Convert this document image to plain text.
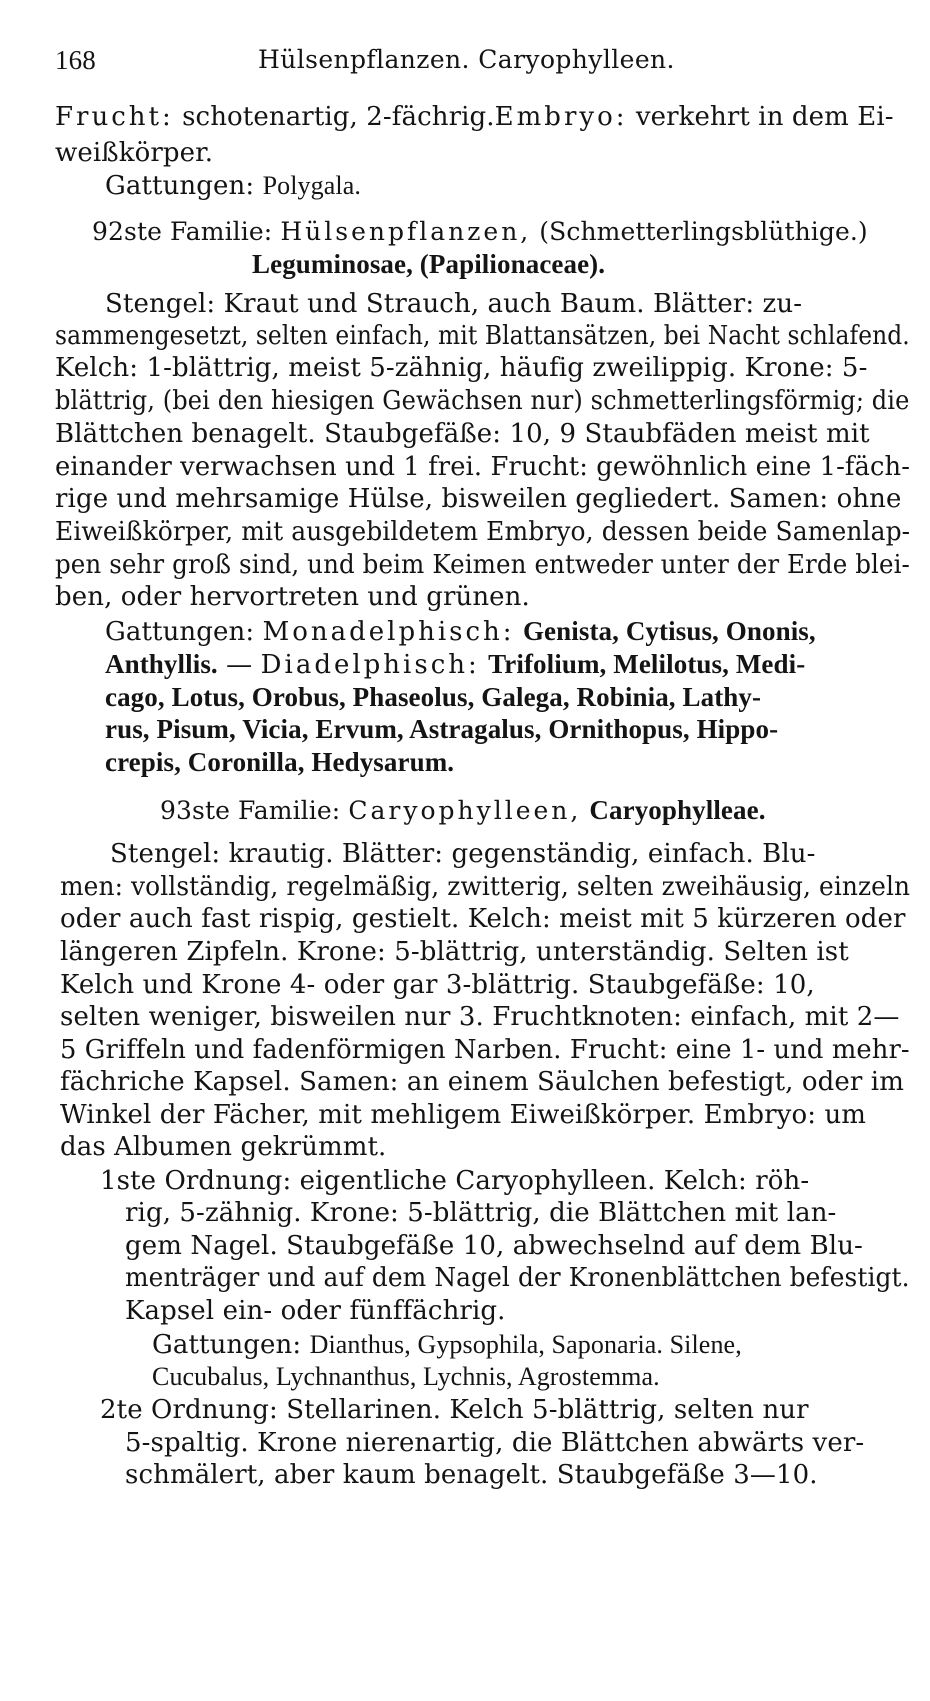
168	Hülsenpflanzen. Caryophylleen.
Frucht: schotenartig, 2-fächrig. Embryo: verkehrt in dem Ei-
weißkörper.
Gattungen: Polygala.
92ste Familie: Hülsenpflanzen, (Schmetterlingsblüthige.)
Leguminosae, (Papilionaceae).
Stengel: Kraut und Strauch, auch Baum. Blätter: zu-
sammengesetzt, selten einfach, mit Blattansätzen, bei Nacht schlafend.
Kelch: 1-blättrig, meist 5-zähnig, häufig zweilippig. Krone: 5-
blättrig, (bei den hiesigen Gewächsen nur) schmetterlingsförmig; die
Blättchen benagelt. Staubgefäße: 10, 9 Staubfäden meist mit
einander verwachsen und 1 frei. Frucht: gewöhnlich eine 1-fäch-
rige und mehrsamige Hülse, bisweilen gegliedert. Samen: ohne
Eiweißkörper, mit ausgebildetem Embryo, dessen beide Samenlap-
pen sehr groß sind, und beim Keimen entweder unter der Erde blei-
ben, oder hervortreten und grünen.
Gattungen: Monadelphisch: Genista, Cytisus, Ononis,
Anthyllis. — Diadelphisch: Trifolium, Melilotus, Medi-
cago, Lotus, Orobus, Phaseolus, Galega, Robinia, Lathy-
rus, Pisum, Vicia, Ervum, Astragalus, Ornithopus, Hippo-
crepis, Coronilla, Hedysarum.
93ste Familie: Caryophylleen, Caryophylleae.
Stengel: krautig. Blätter: gegenständig, einfach. Blu-
men: vollständig, regelmäßig, zwitterig, selten zweihäusig, einzeln
oder auch fast rispig, gestielt. Kelch: meist mit 5 kürzeren oder
längeren Zipfeln. Krone: 5-blättrig, unterständig. Selten ist
Kelch und Krone 4- oder gar 3-blättrig. Staubgefäße: 10,
selten weniger, bisweilen nur 3. Fruchtknoten: einfach, mit 2—
5 Griffeln und fadenförmigen Narben. Frucht: eine 1- und mehr-
fächriche Kapsel. Samen: an einem Säulchen befestigt, oder im
Winkel der Fächer, mit mehligem Eiweißkörper. Embryo: um
das Albumen gekrümmt.
1ste Ordnung: eigentliche Caryophylleen. Kelch: röh-
rig, 5-zähnig. Krone: 5-blättrig, die Blättchen mit lan-
gem Nagel. Staubgefäße 10, abwechselnd auf dem Blu-
menträger und auf dem Nagel der Kronenblättchen befestigt.
Kapsel ein- oder fünffächrig.
Gattungen: Dianthus, Gypsophila, Saponaria. Silene,
Cucubalus, Lychnanthus, Lychnis, Agrostemma.
2te Ordnung: Stellarinen. Kelch 5-blättrig, selten nur
5-spaltig. Krone nierenartig, die Blättchen abwärts ver-
schmälert, aber kaum benagelt. Staubgefäße 3—10.
